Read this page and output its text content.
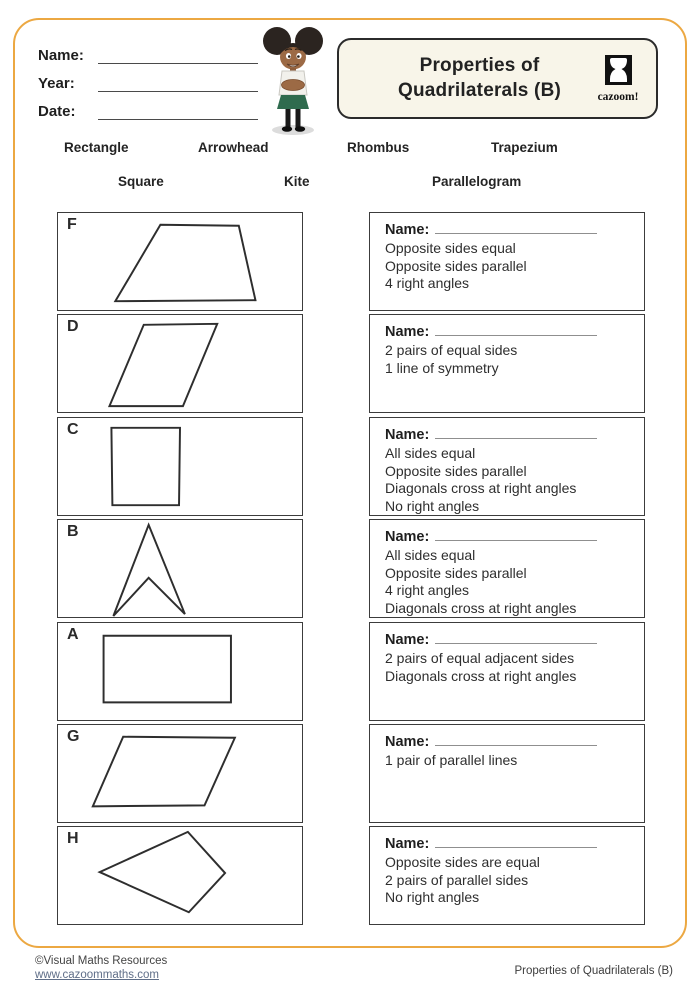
Name:
Year:
Date:
Properties of
Quadrilaterals (B)	cazoom!
Rectangle	Arrowhead	Rhombus	Trapezium
Square	Kite	Parallelogram
F	Name:
Opposite sides equal
Opposite sides parallel
4 right angles
D	Name:
2 pairs of equal sides
1 line of symmetry
C	Name:
All sides equal
Opposite sides parallel
Diagonals cross at right angles
No right angles
B	Name:
All sides equal
Opposite sides parallel
4 right angles
Diagonals cross at right angles
A	Name:
2 pairs of equal adjacent sides
Diagonals cross at right angles
G	Name:
1 pair of parallel lines
H	Name:
Opposite sides are equal
2 pairs of parallel sides
No right angles
©Visual Maths Resources
www.cazoommaths.com	Properties of Quadrilaterals (B)
